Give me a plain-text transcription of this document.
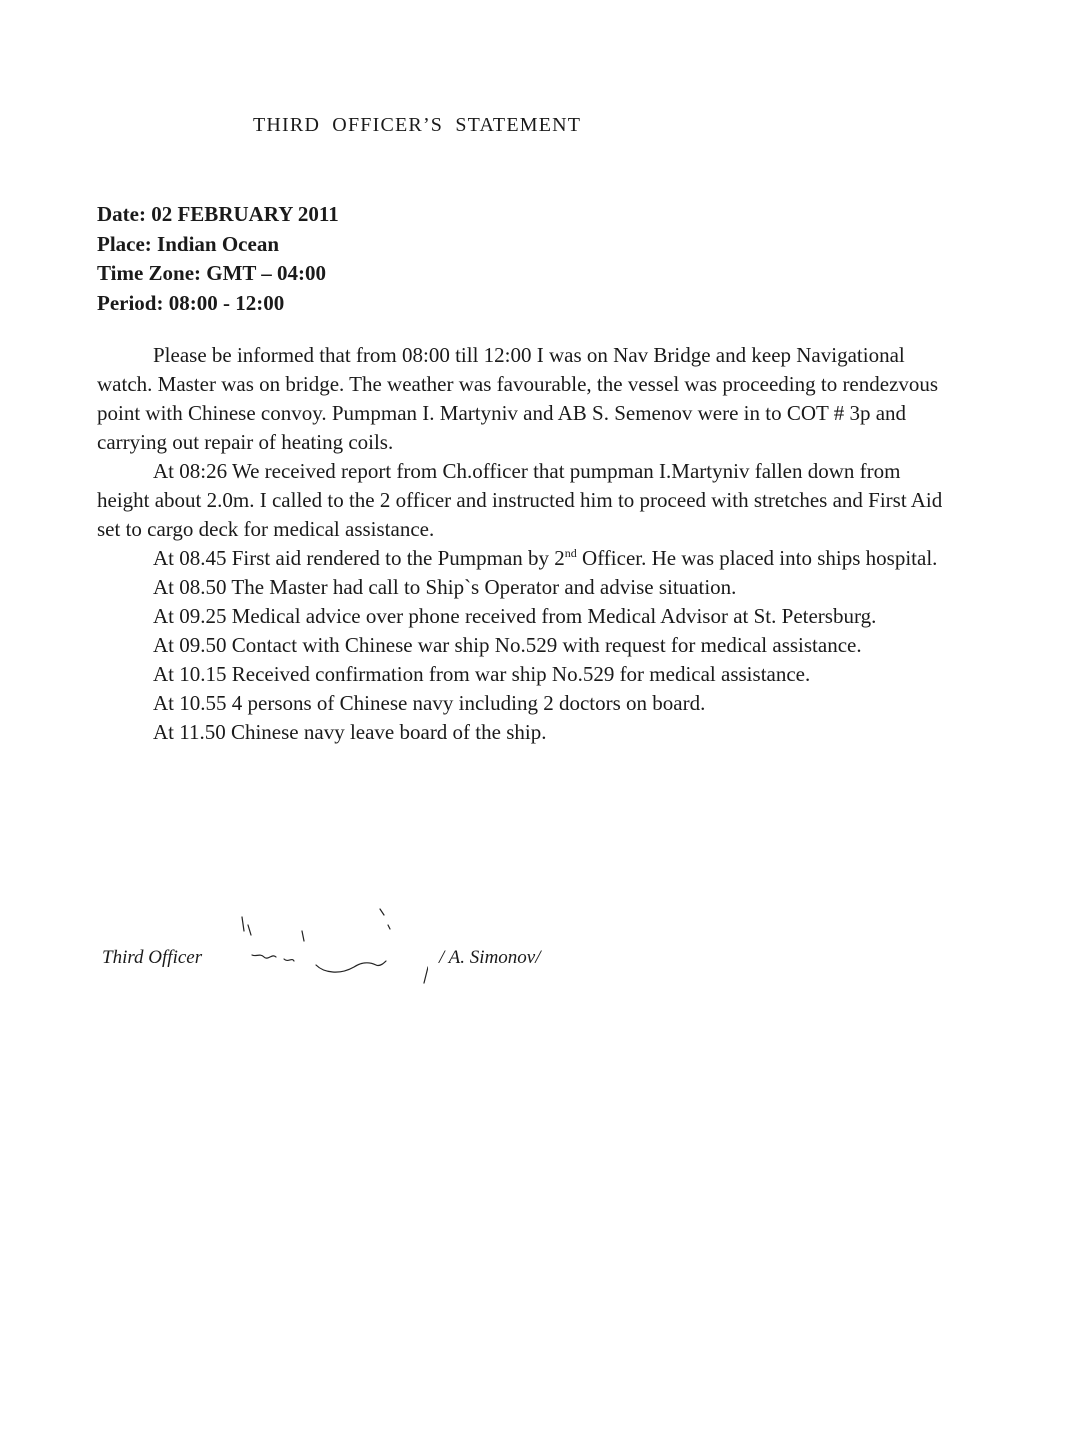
THIRD OFFICER’S STATEMENT
Date: 02 FEBRUARY 2011
Place: Indian Ocean
Time Zone: GMT – 04:00
Period: 08:00 - 12:00

Please be informed that from 08:00 till 12:00 I was on Nav Bridge and keep Navigational watch. Master was on bridge. The weather was favourable, the vessel was proceeding to rendezvous point with Chinese convoy. Pumpman I. Martyniv and AB S. Semenov were in to COT # 3p and carrying out repair of heating coils.

At 08:26 We received report from Ch.officer that pumpman I.Martyniv fallen down from height about 2.0m. I called to the 2 officer and instructed him to proceed with stretches and First Aid set to cargo deck for medical assistance.

At 08.45 First aid rendered to the Pumpman by 2nd Officer. He was placed into ships hospital.

At 08.50 The Master had call to Ship`s Operator and advise situation.

At 09.25 Medical advice over phone received from Medical Advisor at St. Petersburg.

At 09.50 Contact with Chinese war ship No.529 with request for medical assistance.

At 10.15 Received confirmation from war ship No.529 for medical assistance.

At 10.55 4 persons of Chinese navy including 2 doctors on board.

At 11.50 Chinese navy leave board of the ship.

Third Officer	/ A. Simonov/
